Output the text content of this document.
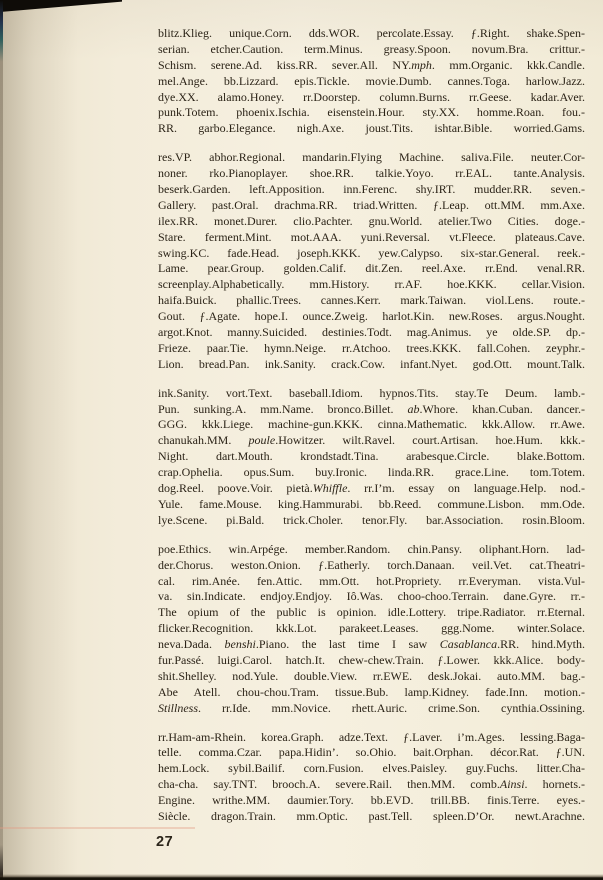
blitz.Klieg. unique.Corn. dds.WOR. percolate.Essay. ƒ.Right. shake.Spen-
serian. etcher.Caution. term.Minus. greasy.Spoon. novum.Bra. crittur.-
Schism. serene.Ad. kiss.RR. sever.All. NY.mph. mm.Organic. kkk.Candle.
mel.Ange. bb.Lizzard. epis.Tickle. movie.Dumb. cannes.Toga. harlow.Jazz.
dye.XX. alamo.Honey. rr.Doorstep. column.Burns. rr.Geese. kadar.Aver.
punk.Totem. phoenix.Ischia. eisenstein.Hour. sty.XX. homme.Roan. fou.-
RR. garbo.Elegance. nigh.Axe. joust.Tits. ishtar.Bible. worried.Gams.

res.VP. abhor.Regional. mandarin.Flying Machine. saliva.File. neuter.Cor-
noner. rko.Pianoplayer. shoe.RR. talkie.Yoyo. rr.EAL. tante.Analysis.
beserk.Garden. left.Apposition. inn.Ferenc. shy.IRT. mudder.RR. seven.-
Gallery. past.Oral. drachma.RR. triad.Written. ƒ.Leap. ott.MM. mm.Axe.
ilex.RR. monet.Durer. clio.Pachter. gnu.World. atelier.Two Cities. doge.-
Stare. ferment.Mint. mot.AAA. yuni.Reversal. vt.Fleece. plateaus.Cave.
swing.KC. fade.Head. joseph.KKK. yew.Calypso. six-star.General. reek.-
Lame. pear.Group. golden.Calif. dit.Zen. reel.Axe. rr.End. venal.RR.
screenplay.Alphabetically. mm.History. rr.AF. hoe.KKK. cellar.Vision.
haifa.Buick. phallic.Trees. cannes.Kerr. mark.Taiwan. viol.Lens. route.-
Gout. ƒ.Agate. hope.I. ounce.Zweig. harlot.Kin. new.Roses. argus.Nought.
argot.Knot. manny.Suicided. destinies.Todt. mag.Animus. ye olde.SP. dp.-
Frieze. paar.Tie. hymn.Neige. rr.Atchoo. trees.KKK. fall.Cohen. zeyphr.-
Lion. bread.Pan. ink.Sanity. crack.Cow. infant.Nyet. god.Ott. mount.Talk.

ink.Sanity. vort.Text. baseball.Idiom. hypnos.Tits. stay.Te Deum. lamb.-
Pun. sunking.A. mm.Name. bronco.Billet. ab.Whore. khan.Cuban. dancer.-
GGG. kkk.Liege. machine-gun.KKK. cinna.Mathematic. kkk.Allow. rr.Awe.
chanukah.MM. poule.Howitzer. wilt.Ravel. court.Artisan. hoe.Hum. kkk.-
Night. dart.Mouth. krondstadt.Tina. arabesque.Circle. blake.Bottom.
crap.Ophelia. opus.Sum. buy.Ironic. linda.RR. grace.Line. tom.Totem.
dog.Reel. poove.Voir. pietà.Whiffle. rr.I’m. essay on language.Help. nod.-
Yule. fame.Mouse. king.Hammurabi. bb.Reed. commune.Lisbon. mm.Ode.
lye.Scene. pi.Bald. trick.Choler. tenor.Fly. bar.Association. rosin.Bloom.

poe.Ethics. win.Arpége. member.Random. chin.Pansy. oliphant.Horn. lad-
der.Chorus. weston.Onion. ƒ.Eatherly. torch.Danaan. veil.Vet. cat.Theatri-
cal. rim.Anée. fen.Attic. mm.Ott. hot.Propriety. rr.Everyman. vista.Vul-
va. sin.Indicate. endjoy.Endjoy. Iô.Was. choo-choo.Terrain. dane.Gyre. rr.-
The opium of the public is opinion. idle.Lottery. tripe.Radiator. rr.Eternal.
flicker.Recognition. kkk.Lot. parakeet.Leases. ggg.Nome. winter.Solace.
neva.Dada. benshi.Piano. the last time I saw Casablanca.RR. hind.Myth.
fur.Passé. luigi.Carol. hatch.It. chew-chew.Train. ƒ.Lower. kkk.Alice. body-
shit.Shelley. nod.Yule. double.View. rr.EWE. desk.Jokai. auto.MM. bag.-
Abe Atell. chou-chou.Tram. tissue.Bub. lamp.Kidney. fade.Inn. motion.-
Stillness. rr.Ide. mm.Novice. rhett.Auric. crime.Son. cynthia.Ossining.

rr.Ham-am-Rhein. korea.Graph. adze.Text. ƒ.Laver. i’m.Ages. lessing.Baga-
telle. comma.Czar. papa.Hidin’. so.Ohio. bait.Orphan. décor.Rat. ƒ.UN.
hem.Lock. sybil.Bailif. corn.Fusion. elves.Paisley. guy.Fuchs. litter.Cha-
cha-cha. say.TNT. brooch.A. severe.Rail. then.MM. comb.Ainsi. hornets.-
Engine. writhe.MM. daumier.Tory. bb.EVD. trill.BB. finis.Terre. eyes.-
Siècle. dragon.Train. mm.Optic. past.Tell. spleen.D’Or. newt.Arachne.

27
